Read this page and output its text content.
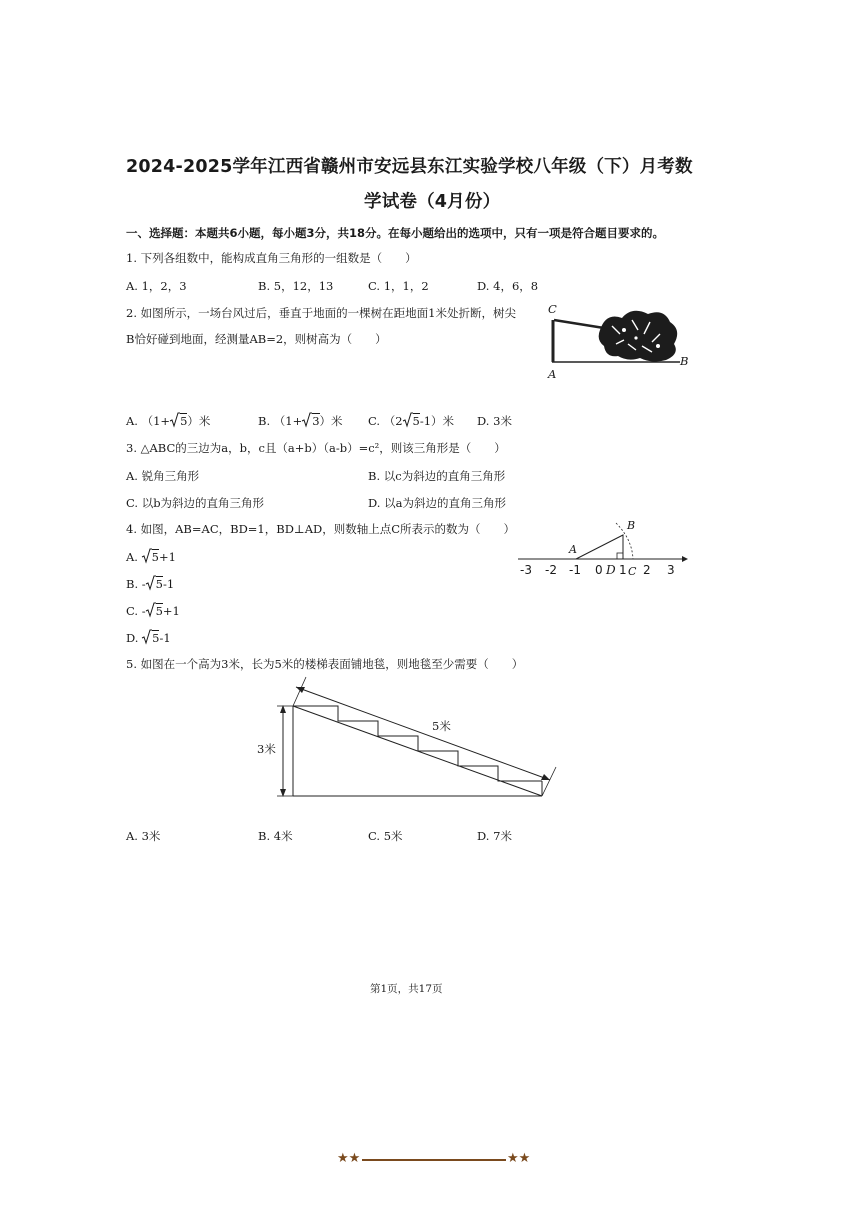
2024-2025学年江西省赣州市安远县东江实验学校八年级（下）月考数
学试卷（4月份）
一、选择题：本题共6小题，每小题3分，共18分。在每小题给出的选项中，只有一项是符合题目要求的。
1. 下列各组数中，能构成直角三角形的一组数是（　　）
A. 1，2，3	B. 5，12，13	C. 1，1，2	D. 4，6，8
2. 如图所示，一场台风过后，垂直于地面的一棵树在距地面1米处折断，树尖
B恰好碰到地面，经测量AB=2，则树高为（　　）
C
A
B
A. （1+ 5）米	B. （1+ 3）米 C. （2 5-1）米 D. 3米
3. △ABC的三边为a，b，c且（a+b）（a-b）=c²，则该三角形是（　　）
A. 锐角三角形	B. 以c为斜边的直角三角形
C. 以b为斜边的直角三角形	D. 以a为斜边的直角三角形
4. 如图，AB=AC，BD=1，BD⊥AD，则数轴上点C所表示的数为（　　）
A. 5+1
B. - 5-1
C. - 5+1
D. 5-1
-3 -2 -1 0 D 1 C 2 3
A
B
5. 如图在一个高为3米，长为5米的楼梯表面铺地毯，则地毯至少需要（　　）
3米
5米
A. 3米	B. 4米	C. 5米	D. 7米
第1页，共17页
★★	★★
